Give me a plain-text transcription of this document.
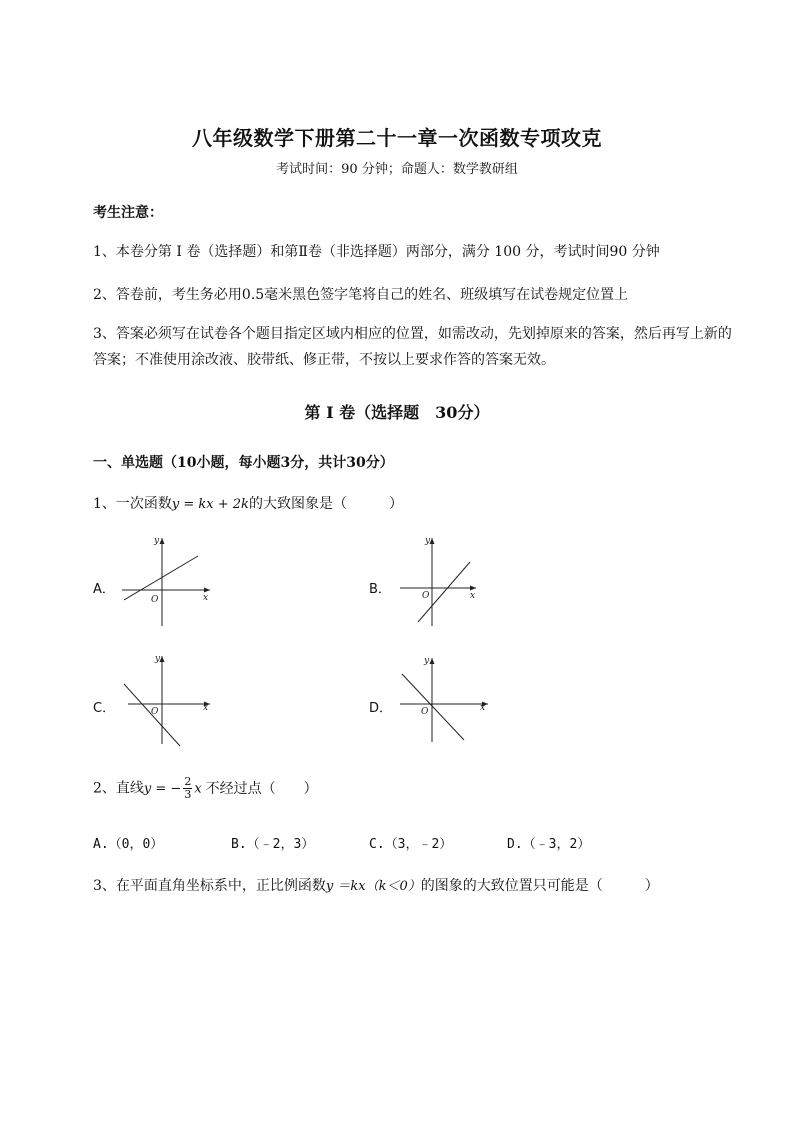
八年级数学下册第二十一章一次函数专项攻克
考试时间：90 分钟；命题人：数学教研组
考生注意：
1、本卷分第 I 卷（选择题）和第Ⅱ卷（非选择题）两部分，满分 100 分，考试时间90 分钟
2、答卷前，考生务必用0.5毫米黑色签字笔将自己的姓名、班级填写在试卷规定位置上
3、答案必须写在试卷各个题目指定区域内相应的位置，如需改动，先划掉原来的答案，然后再写上新的答案；不准使用涂改液、胶带纸、修正带，不按以上要求作答的答案无效。
第 I 卷（选择题　30分）
一、单选题（10小题，每小题3分，共计30分）
1、一次函数y = kx + 2k的大致图象是（　　　）
A．
y
x
O
B．
y
x
O
C．
y
x
O	D．
y
x
O
2、直线y = − $\frac{2}{3}$ x 不经过点（　　）
A.（0，0）	B.（﹣2，3）	C.（3，﹣2）	D.（﹣3，2）
3、在平面直角坐标系中，正比例函数y ＝kx（k＜0）的图象的大致位置只可能是（　　　）
